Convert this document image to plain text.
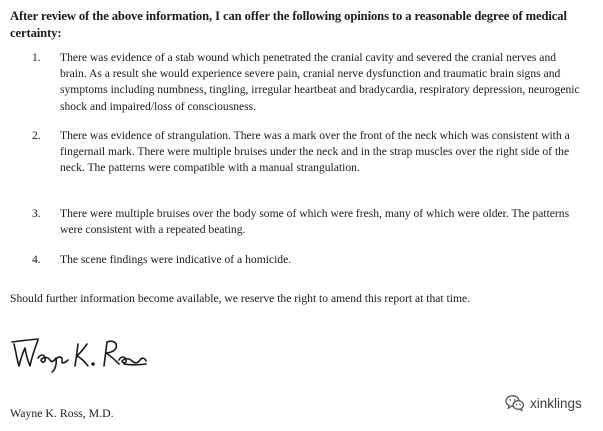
After review of the above information, I can offer the following opinions to a reasonable degree of medical certainty:
1. There was evidence of a stab wound which penetrated the cranial cavity and severed the cranial nerves and brain. As a result she would experience severe pain, cranial nerve dysfunction and traumatic brain signs and symptoms including numbness, tingling, irregular heartbeat and bradycardia, respiratory depression, neurogenic shock and impaired/loss of consciousness.
2. There was evidence of strangulation. There was a mark over the front of the neck which was consistent with a fingernail mark. There were multiple bruises under the neck and in the strap muscles over the right side of the neck. The patterns were compatible with a manual strangulation.
3. There were multiple bruises over the body some of which were fresh, many of which were older. The patterns were consistent with a repeated beating.
4. The scene findings were indicative of a homicide.
Should further information become available, we reserve the right to amend this report at that time.
Wayne K. Ross, M.D.
xinklings
